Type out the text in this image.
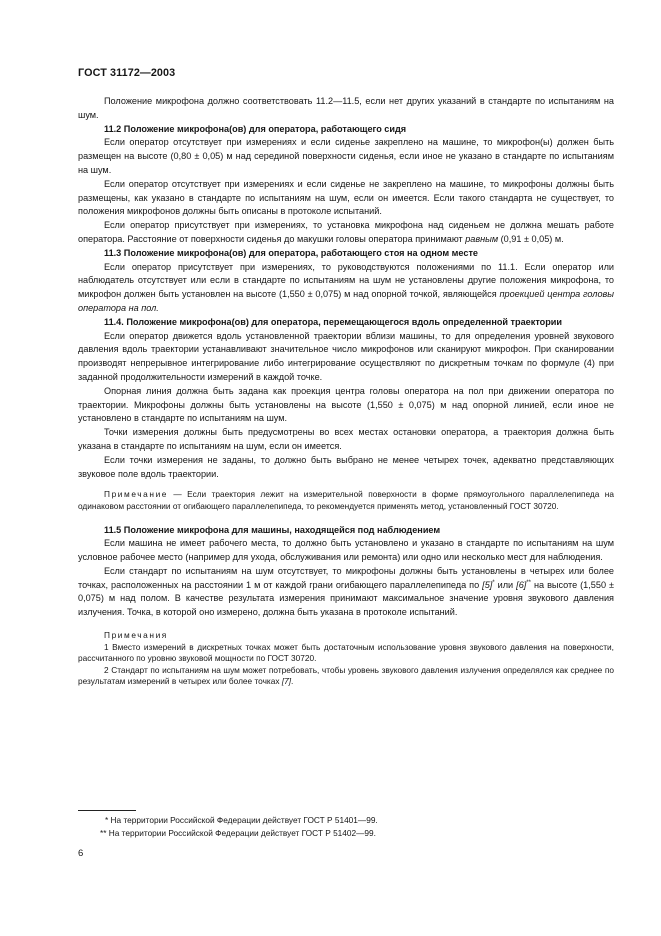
ГОСТ 31172—2003

Положение микрофона должно соответствовать 11.2—11.5, если нет других указаний в стандарте по испытаниям на шум.

11.2 Положение микрофона(ов) для оператора, работающего сидя

Если оператор отсутствует при измерениях и если сиденье закреплено на машине, то микрофон(ы) должен быть размещен на высоте (0,80 ± 0,05) м над серединой поверхности сиденья, если иное не указано в стандарте по испытаниям на шум.

Если оператор отсутствует при измерениях и если сиденье не закреплено на машине, то микрофоны должны быть размещены, как указано в стандарте по испытаниям на шум, если он имеется. Если такого стандарта не существует, то положения микрофонов должны быть описаны в протоколе испытаний.

Если оператор присутствует при измерениях, то установка микрофона над сиденьем не должна мешать работе оператора. Расстояние от поверхности сиденья до макушки головы оператора принимают равным (0,91 ± 0,05) м.

11.3 Положение микрофона(ов) для оператора, работающего стоя на одном месте

Если оператор присутствует при измерениях, то руководствуются положениями по 11.1. Если оператор или наблюдатель отсутствует или если в стандарте по испытаниям на шум не установлены другие положения микрофона, то микрофон должен быть установлен на высоте (1,550 ± 0,075) м над опорной точкой, являющейся проекцией центра головы оператора на пол.

11.4. Положение микрофона(ов) для оператора, перемещающегося вдоль определенной траектории

Если оператор движется вдоль установленной траектории вблизи машины, то для определения уровней звукового давления вдоль траектории устанавливают значительное число микрофонов или сканируют микрофон. При сканировании производят непрерывное интегрирование либо интегрирование осуществляют по дискретным точкам по формуле (4) при заданной продолжительности измерений в каждой точке.

Опорная линия должна быть задана как проекция центра головы оператора на пол при движении оператора по траектории. Микрофоны должны быть установлены на высоте (1,550 ± 0,075) м над опорной линией, если иное не установлено в стандарте по испытаниям на шум.

Точки измерения должны быть предусмотрены во всех местах остановки оператора, а траектория должна быть указана в стандарте по испытаниям на шум, если он имеется.

Если точки измерения не заданы, то должно быть выбрано не менее четырех точек, адекватно представляющих звуковое поле вдоль траектории.

Примечание — Если траектория лежит на измерительной поверхности в форме прямоугольного параллелепипеда на одинаковом расстоянии от огибающего параллелепипеда, то рекомендуется применять метод, установленный ГОСТ 30720.

11.5 Положение микрофона для машины, находящейся под наблюдением

Если машина не имеет рабочего места, то должно быть установлено и указано в стандарте по испытаниям на шум условное рабочее место (например для ухода, обслуживания или ремонта) или одно или несколько мест для наблюдения.

Если стандарт по испытаниям на шум отсутствует, то микрофоны должны быть установлены в четырех или более точках, расположенных на расстоянии 1 м от каждой грани огибающего параллелепипеда по [5]* или [6]** на высоте (1,550 ± 0,075) м над полом. В качестве результата измерения принимают максимальное значение уровня звукового давления излучения. Точка, в которой оно измерено, должна быть указана в протоколе испытаний.

Примечания

1 Вместо измерений в дискретных точках может быть достаточным использование уровня звукового давления на поверхности, рассчитанного по уровню звуковой мощности по ГОСТ 30720.

2 Стандарт по испытаниям на шум может потребовать, чтобы уровень звукового давления излучения определялся как среднее по результатам измерений в четырех или более точках [7].

* На территории Российской Федерации действует ГОСТ Р 51401—99.

** На территории Российской Федерации действует ГОСТ Р 51402—99.

6
